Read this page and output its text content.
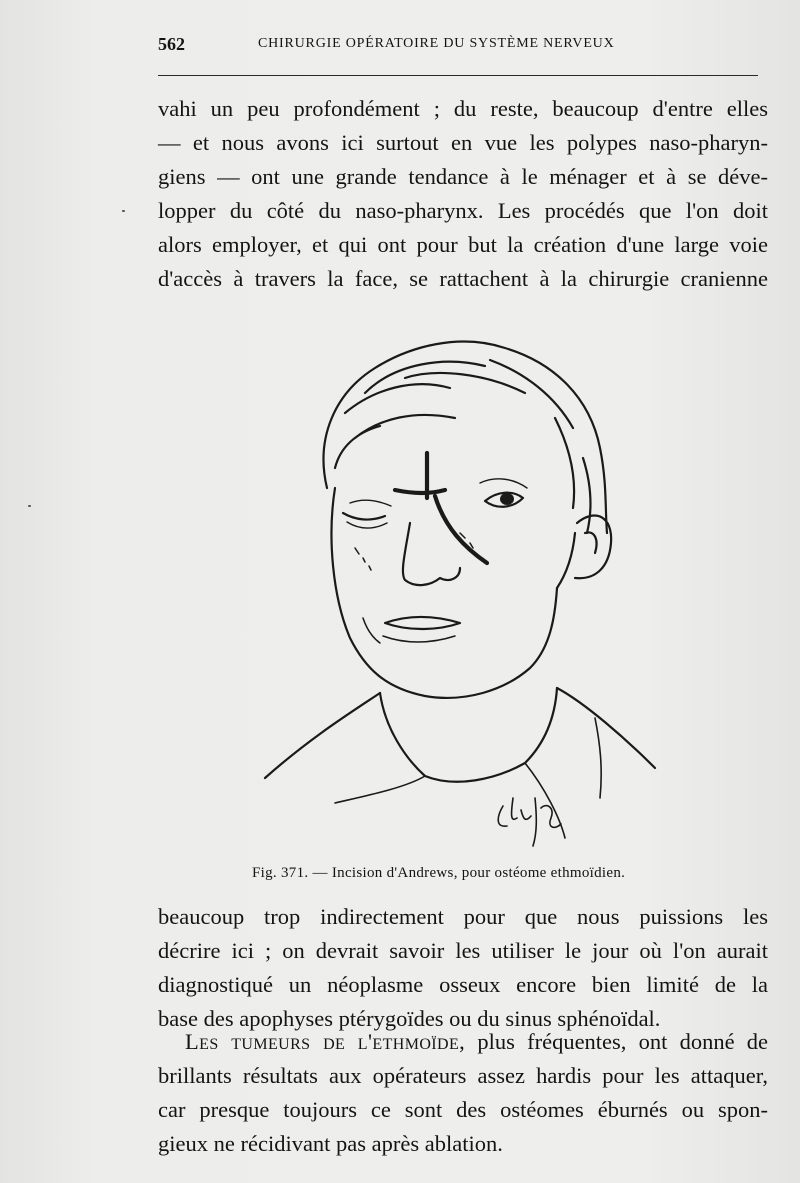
562	CHIRURGIE OPÉRATOIRE DU SYSTÈME NERVEUX
vahi un peu profondément ; du reste, beaucoup d'entre elles
— et nous avons ici surtout en vue les polypes naso-pharyn-
giens — ont une grande tendance à le ménager et à se déve-
lopper du côté du naso-pharynx. Les procédés que l'on doit
alors employer, et qui ont pour but la création d'une large voie
d'accès à travers la face, se rattachent à la chirurgie cranienne
Fig. 371. — Incision d'Andrews, pour ostéome ethmoïdien.
beaucoup trop indirectement pour que nous puissions les
décrire ici ; on devrait savoir les utiliser le jour où l'on aurait
diagnostiqué un néoplasme osseux encore bien limité de la
base des apophyses ptérygoïdes ou du sinus sphénoïdal.
Les tumeurs de l'ethmoïde, plus fréquentes, ont donné de
brillants résultats aux opérateurs assez hardis pour les attaquer,
car presque toujours ce sont des ostéomes éburnés ou spon-
gieux ne récidivant pas après ablation.
